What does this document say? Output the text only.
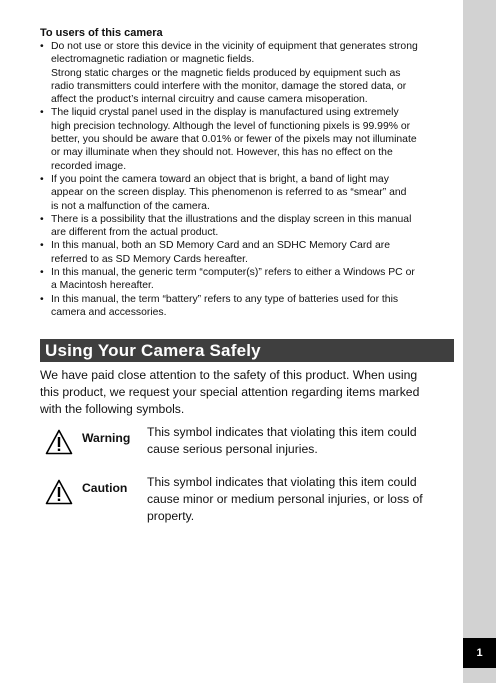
1

To users of this camera

• Do not use or store this device in the vicinity of equipment that generates strong
electromagnetic radiation or magnetic fields.
Strong static charges or the magnetic fields produced by equipment such as
radio transmitters could interfere with the monitor, damage the stored data, or
affect the product’s internal circuitry and cause camera misoperation.
• The liquid crystal panel used in the display is manufactured using extremely
high precision technology. Although the level of functioning pixels is 99.99% or
better, you should be aware that 0.01% or fewer of the pixels may not illuminate
or may illuminate when they should not. However, this has no effect on the
recorded image.
• If you point the camera toward an object that is bright, a band of light may
appear on the screen display. This phenomenon is referred to as “smear” and
is not a malfunction of the camera.
• There is a possibility that the illustrations and the display screen in this manual
are different from the actual product.
• In this manual, both an SD Memory Card and an SDHC Memory Card are
referred to as SD Memory Cards hereafter.
• In this manual, the generic term “computer(s)” refers to either a Windows PC or
a Macintosh hereafter.
• In this manual, the term “battery” refers to any type of batteries used for this
camera and accessories.
Using Your Camera Safely
We have paid close attention to the safety of this product. When using
this product, we request your special attention regarding items marked
with the following symbols.
Warning This symbol indicates that violating this item could
cause serious personal injuries.
Caution This symbol indicates that violating this item could
cause minor or medium personal injuries, or loss of
property.
